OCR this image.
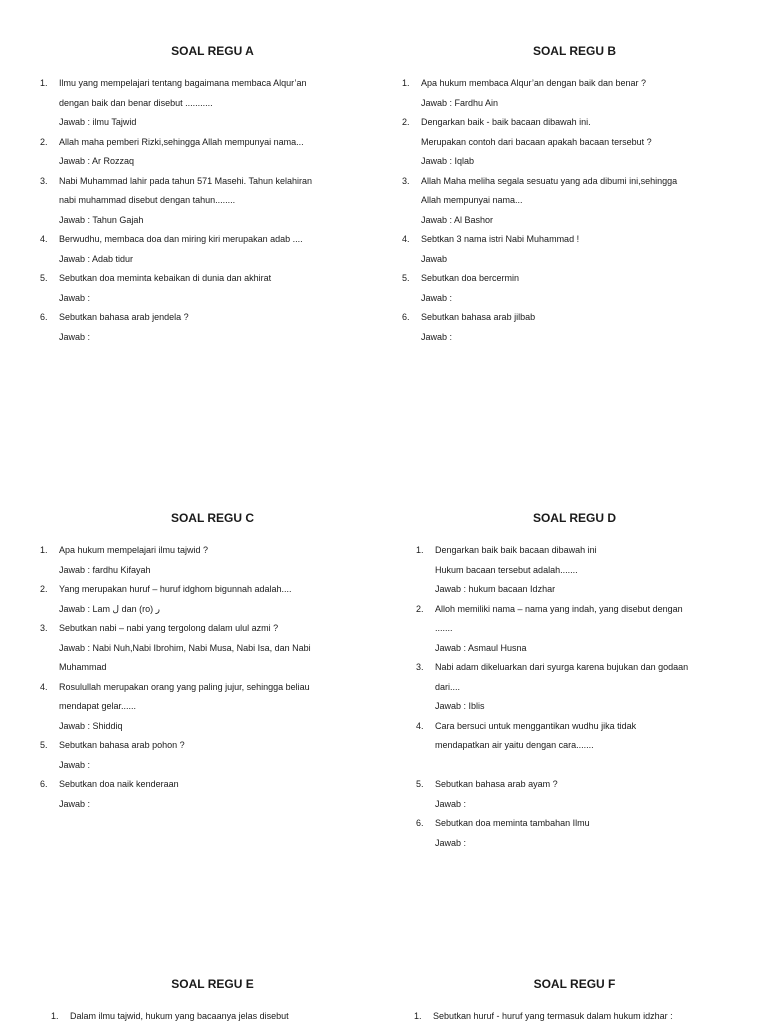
SOAL REGU A
1. Ilmu yang mempelajari tentang bagaimana membaca Alqur’an
dengan baik dan benar disebut ...........
Jawab : ilmu Tajwid
2. Allah maha pemberi Rizki,sehingga Allah mempunyai nama...
Jawab : Ar Rozzaq
3. Nabi Muhammad lahir pada tahun 571 Masehi. Tahun kelahiran
nabi muhammad disebut dengan tahun........
Jawab : Tahun Gajah
4. Berwudhu, membaca doa dan miring kiri merupakan adab ....
Jawab : Adab tidur
5. Sebutkan doa meminta kebaikan di dunia dan akhirat
Jawab :
6. Sebutkan bahasa arab jendela ?
Jawab :
SOAL REGU B
1. Apa hukum membaca Alqur’an dengan baik dan benar ?
Jawab : Fardhu Ain
2. Dengarkan baik - baik bacaan dibawah ini.
Merupakan contoh dari bacaan apakah bacaan tersebut ?
Jawab : Iqlab
3. Allah Maha meliha segala sesuatu yang ada dibumi ini,sehingga
Allah mempunyai nama...
Jawab : Al Bashor
4. Sebtkan 3 nama istri Nabi Muhammad !
Jawab
5. Sebutkan doa bercermin
Jawab :
6. Sebutkan bahasa arab jilbab
Jawab :
SOAL REGU C
1. Apa hukum mempelajari ilmu tajwid ?
Jawab : fardhu Kifayah
2. Yang merupakan huruf – huruf idghom bigunnah adalah....
Jawab : Lam ل dan (ro) ر
3. Sebutkan nabi – nabi yang tergolong dalam ulul azmi ?
Jawab : Nabi Nuh,Nabi Ibrohim, Nabi Musa, Nabi Isa, dan Nabi
Muhammad
4. Rosulullah merupakan orang yang paling jujur, sehingga beliau
mendapat gelar......
Jawab : Shiddiq
5. Sebutkan bahasa arab pohon ?
Jawab :
6. Sebutkan doa naik kenderaan
Jawab :
SOAL REGU D
1. Dengarkan baik baik bacaan dibawah ini
Hukum bacaan tersebut adalah.......
Jawab : hukum bacaan Idzhar
2. Alloh memiliki nama – nama yang indah, yang disebut dengan
.......
Jawab : Asmaul Husna
3. Nabi adam dikeluarkan dari syurga karena bujukan dan godaan
dari....
Jawab : Iblis
4. Cara bersuci untuk menggantikan wudhu jika tidak
mendapatkan air yaitu dengan cara.......
5. Sebutkan bahasa arab ayam ?
Jawab :
6. Sebutkan doa meminta tambahan Ilmu
Jawab :
SOAL REGU E
1. Dalam ilmu tajwid, hukum yang bacaanya jelas disebut
SOAL REGU F
1. Sebutkan huruf - huruf yang termasuk dalam hukum idzhar :
